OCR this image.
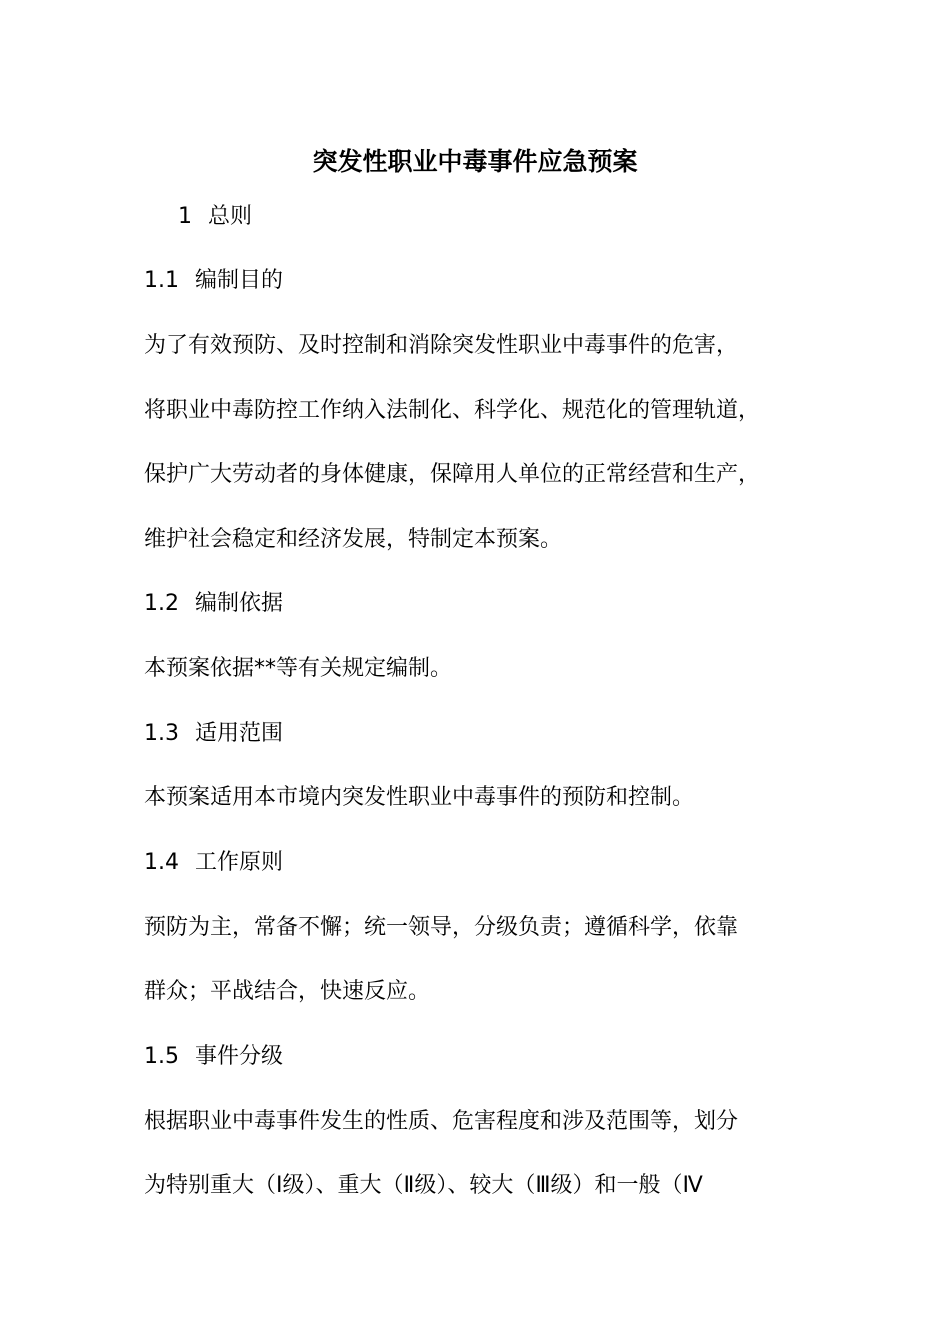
突发性职业中毒事件应急预案
1 总则
1.1 编制目的
为了有效预防、及时控制和消除突发性职业中毒事件的危害，
将职业中毒防控工作纳入法制化、科学化、规范化的管理轨道，
保护广大劳动者的身体健康，保障用人单位的正常经营和生产，
维护社会稳定和经济发展，特制定本预案。
1.2 编制依据
本预案依据**等有关规定编制。
1.3 适用范围
本预案适用本市境内突发性职业中毒事件的预防和控制。
1.4 工作原则
预防为主，常备不懈；统一领导，分级负责；遵循科学，依靠
群众；平战结合，快速反应。
1.5 事件分级
根据职业中毒事件发生的性质、危害程度和涉及范围等，划分
为特别重大（Ⅰ级）、重大（Ⅱ级）、较大（Ⅲ级）和一般（Ⅳ
